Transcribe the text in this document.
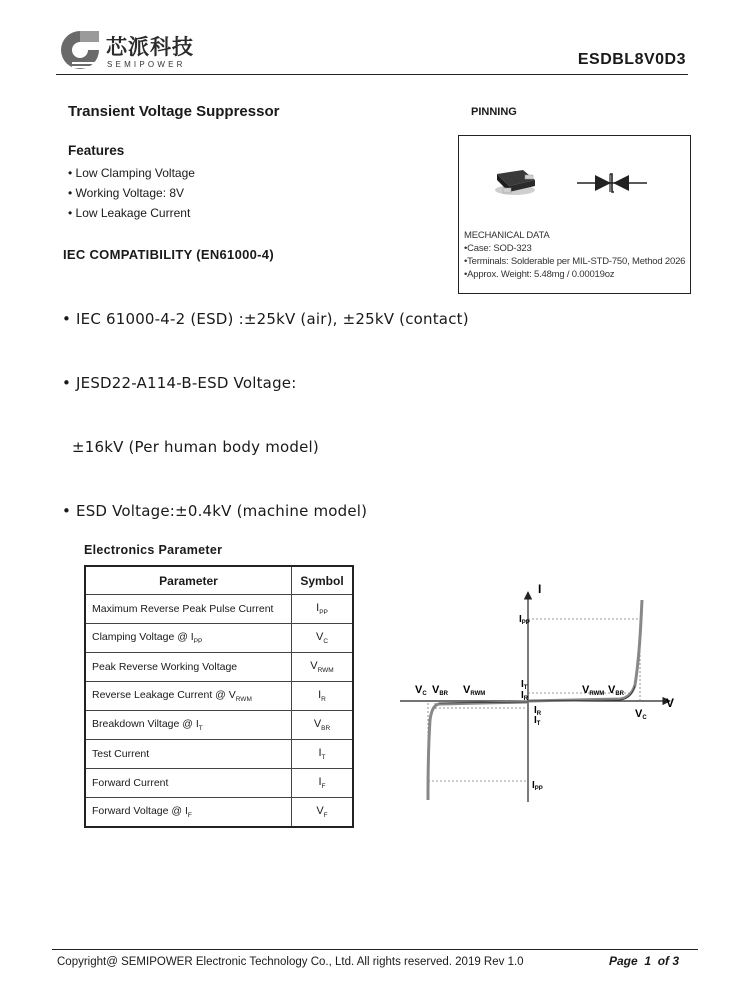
芯派科技
SEMIPOWER	ESDBL8V0D3
Transient Voltage Suppressor	PINNING
Features
• Low Clamping Voltage
• Working Voltage: 8V
• Low Leakage Current
IEC COMPATIBILITY (EN61000-4)

• IEC 61000-4-2 (ESD) :±25kV (air), ±25kV (contact)

• JESD22-A114-B-ESD Voltage:

±16kV (Per human body model)

• ESD Voltage:±0.4kV (machine model)

MECHANICAL DATA
•Case: SOD-323
•Terminals: Solderable per MIL-STD-750, Method 2026
•Approx. Weight: 5.48mg / 0.00019oz
Electronics Parameter
Parameter	Symbol
Maximum Reverse Peak Pulse Current	$I_{PP}$
Clamping Voltage @ $I_{PP}$	$V_C$
Peak Reverse Working Voltage	$V_{RWM}$
Reverse Leakage Current @ $V_{RWM}$	$I_R$
Breakdown Viltage @ $I_T$	$V_{BR}$
Test Current	$I_T$
Forward Current	$I_F$
Forward Voltage @ $I_F$	$V_F$
I
V
$I_{PP}$
$I_{PP}$
$I_T$
$I_R$
$I_R$
$I_T$
VC VBR VRWM	VRWM VBR
VC
Copyright@ SEMIPOWER Electronic Technology Co., Ltd. All rights reserved. 2019 Rev 1.0	Page  1  of 3
